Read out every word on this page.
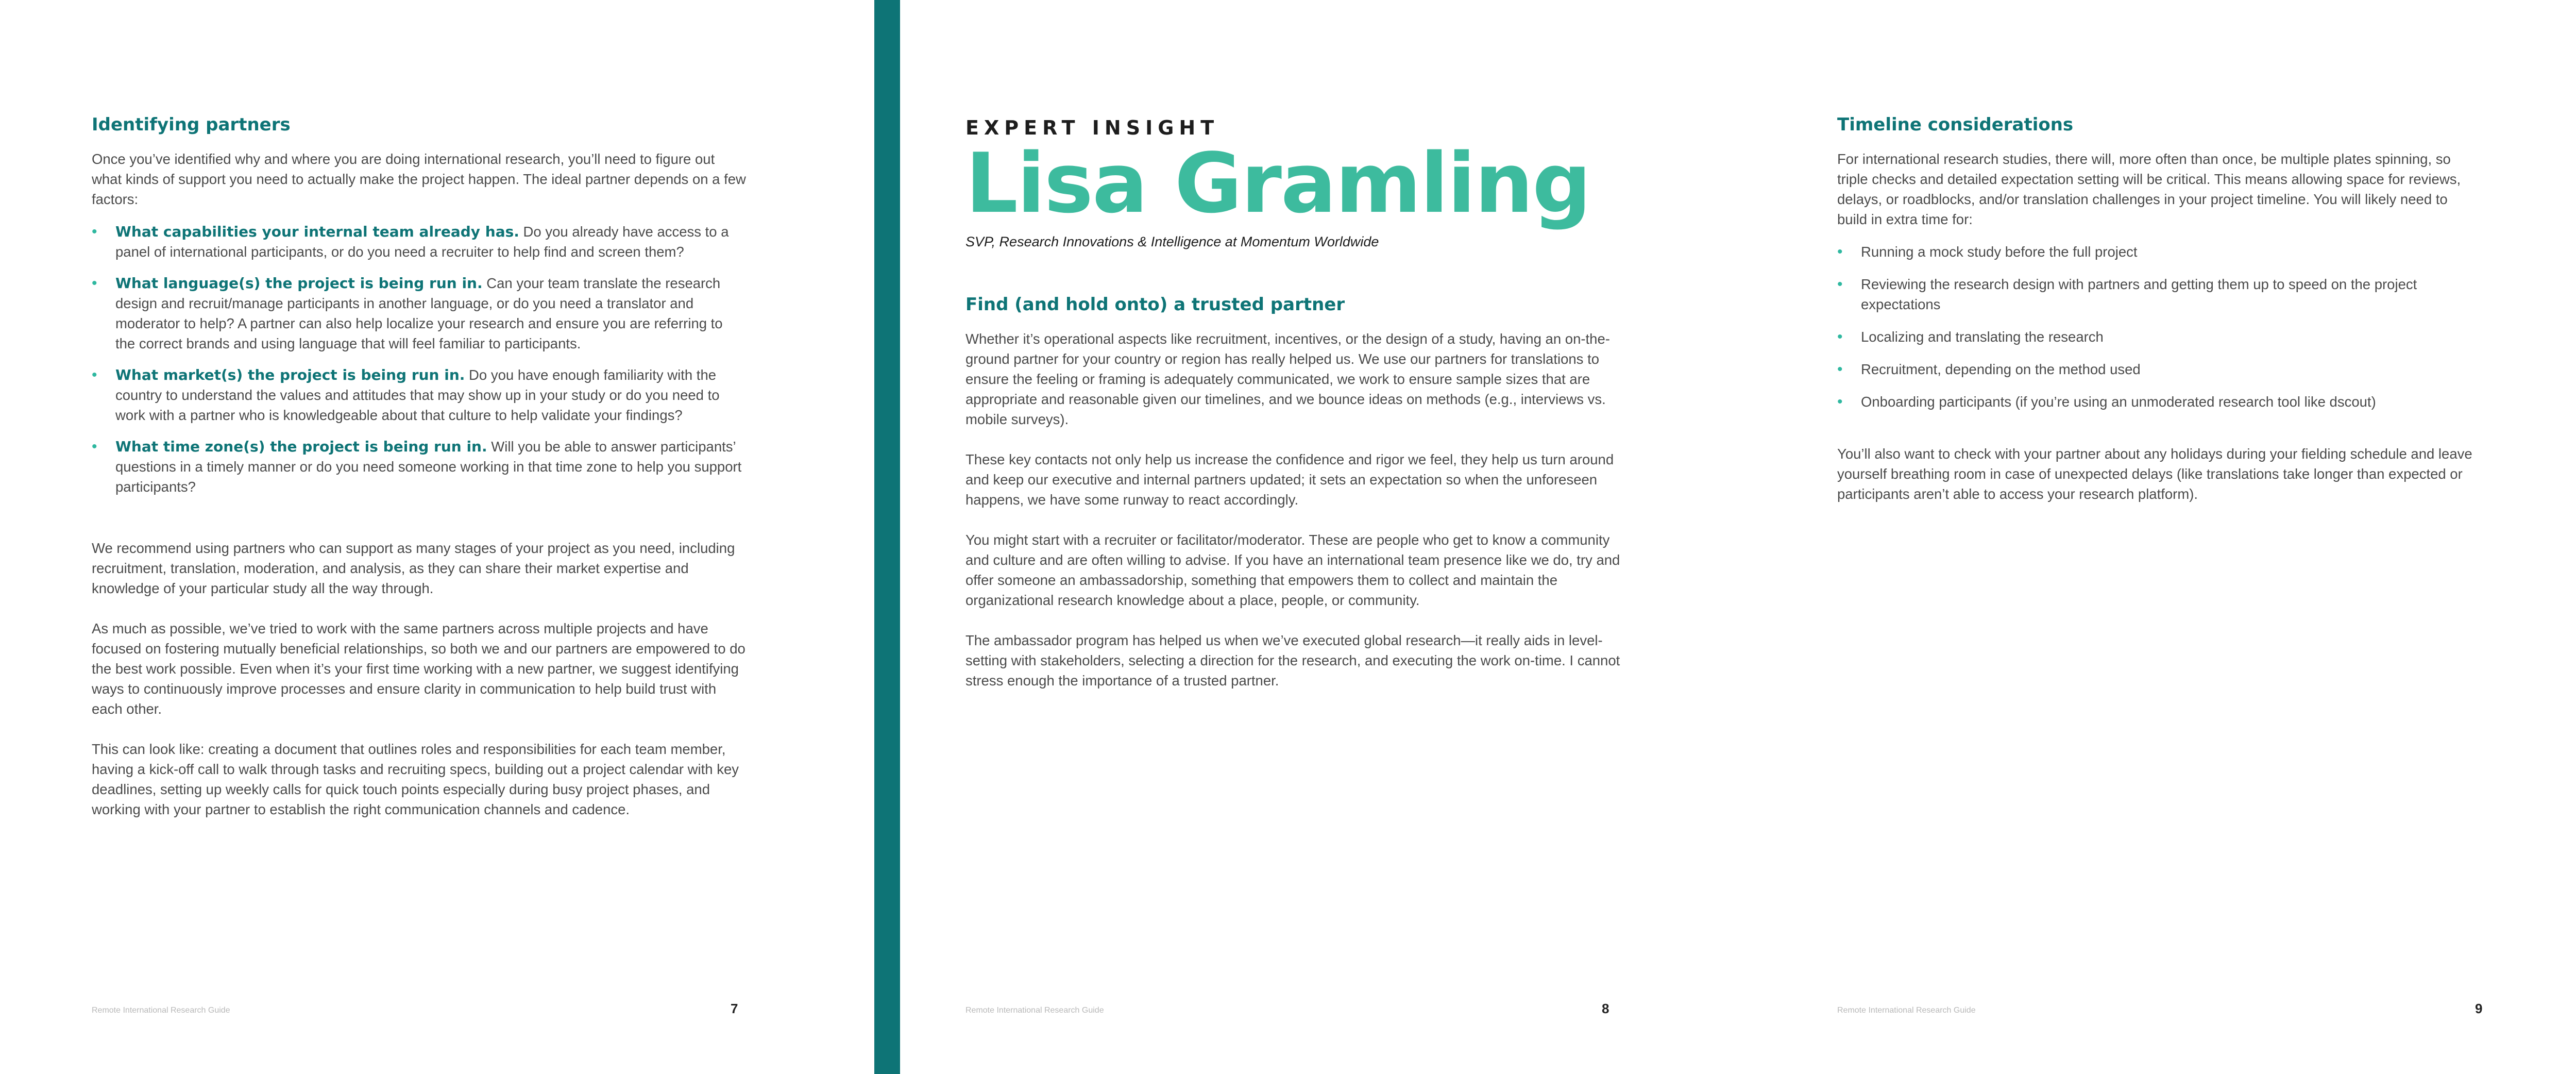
Identifying partners

Once you’ve identified why and where you are doing international research, you’ll need to figure out what kinds of support you need to actually make the project happen. The ideal partner depends on a few factors:

• What capabilities your internal team already has. Do you already have access to a panel of international participants, or do you need a recruiter to help find and screen them?
• What language(s) the project is being run in. Can your team translate the research design and recruit/manage participants in another language, or do you need a translator and moderator to help? A partner can also help localize your research and ensure you are referring to the correct brands and using language that will feel familiar to participants.
• What market(s) the project is being run in. Do you have enough familiarity with the country to understand the values and attitudes that may show up in your study or do you need to work with a partner who is knowledgeable about that culture to help validate your findings?
• What time zone(s) the project is being run in. Will you be able to answer participants’ questions in a timely manner or do you need someone working in that time zone to help you support participants?

We recommend using partners who can support as many stages of your project as you need, including recruitment, translation, moderation, and analysis, as they can share their market expertise and knowledge of your particular study all the way through.

As much as possible, we’ve tried to work with the same partners across multiple projects and have focused on fostering mutually beneficial relationships, so both we and our partners are empowered to do the best work possible. Even when it’s your first time working with a new partner, we suggest identifying ways to continuously improve processes and ensure clarity in communication to help build trust with each other.

This can look like: creating a document that outlines roles and responsibilities for each team member, having a kick-off call to walk through tasks and recruiting specs, building out a project calendar with key deadlines, setting up weekly calls for quick touch points especially during busy project phases, and working with your partner to establish the right communication channels and cadence.

Remote International Research Guide	7

EXPERT INSIGHT

Lisa Gramling

SVP, Research Innovations & Intelligence at Momentum Worldwide

Find (and hold onto) a trusted partner

Whether it’s operational aspects like recruitment, incentives, or the design of a study, having an on-the-ground partner for your country or region has really helped us. We use our partners for translations to ensure the feeling or framing is adequately communicated, we work to ensure sample sizes that are appropriate and reasonable given our timelines, and we bounce ideas on methods (e.g., interviews vs. mobile surveys).

These key contacts not only help us increase the confidence and rigor we feel, they help us turn around and keep our executive and internal partners updated; it sets an expectation so when the unforeseen happens, we have some runway to react accordingly.

You might start with a recruiter or facilitator/moderator. These are people who get to know a community and culture and are often willing to advise. If you have an international team presence like we do, try and offer someone an ambassadorship, something that empowers them to collect and maintain the organizational research knowledge about a place, people, or community.

The ambassador program has helped us when we’ve executed global research—it really aids in level-setting with stakeholders, selecting a direction for the research, and executing the work on-time. I cannot stress enough the importance of a trusted partner.

Remote International Research Guide	8
Timeline considerations

For international research studies, there will, more often than once, be multiple plates spinning, so triple checks and detailed expectation setting will be critical. This means allowing space for reviews, delays, or roadblocks, and/or translation challenges in your project timeline. You will likely need to build in extra time for:

• Running a mock study before the full project
• Reviewing the research design with partners and getting them up to speed on the project expectations
• Localizing and translating the research
• Recruitment, depending on the method used
• Onboarding participants (if you’re using an unmoderated research tool like dscout)

You’ll also want to check with your partner about any holidays during your fielding schedule and leave yourself breathing room in case of unexpected delays (like translations take longer than expected or participants aren’t able to access your research platform).

Remote International Research Guide	9
